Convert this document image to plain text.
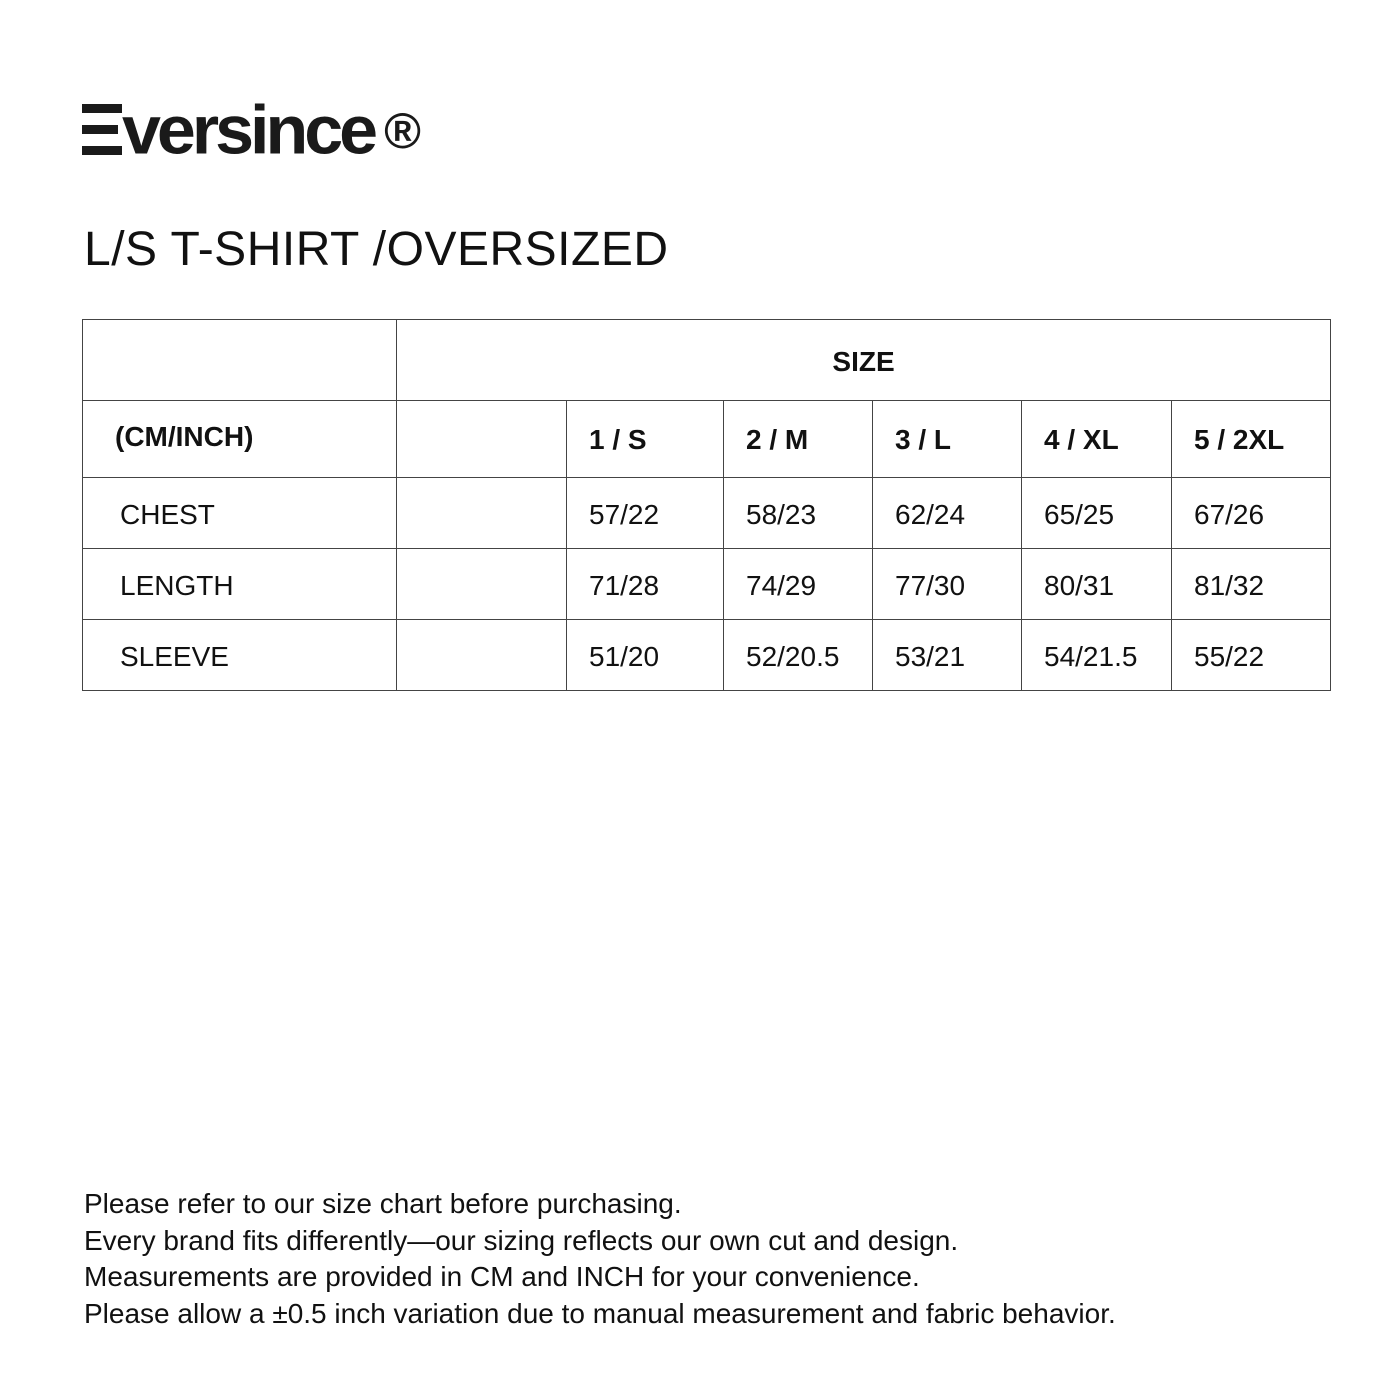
versince ®
L/S T-SHIRT /OVERSIZED
	SIZE					
(CM/INCH)		1 / S	2 / M	3 / L	4 / XL	5 / 2XL
CHEST		57/22	58/23	62/24	65/25	67/26
LENGTH		71/28	74/29	77/30	80/31	81/32
SLEEVE		51/20	52/20.5	53/21	54/21.5	55/22
Please refer to our size chart before purchasing.
Every brand fits differently—our sizing reflects our own cut and design.
Measurements are provided in CM and INCH for your convenience.
Please allow a ±0.5 inch variation due to manual measurement and fabric behavior.
